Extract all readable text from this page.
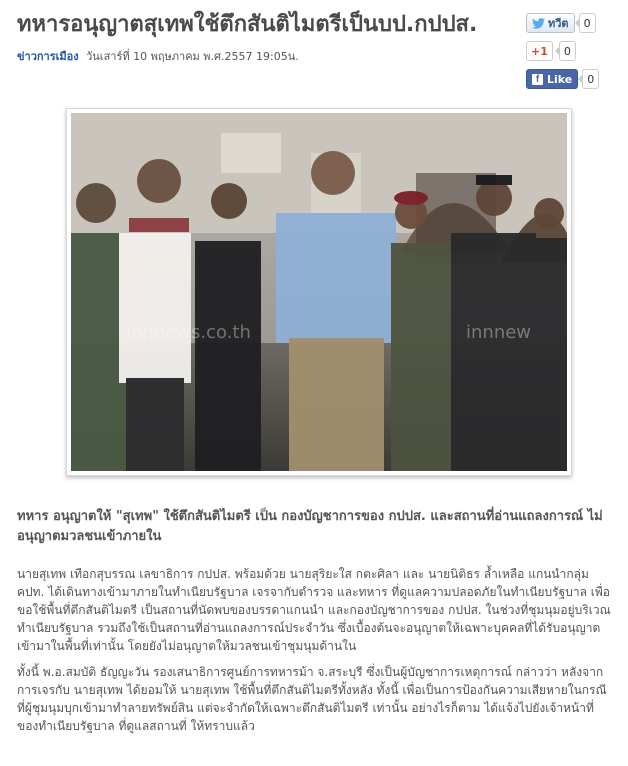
ทหารอนุญาตสุเทพใช้ตึกสันติไมตรีเป็นบป.กปปส.
ข่าวการเมือง วันเสาร์ที่ 10 พฤษภาคม พ.ศ.2557 19:05น.
ทวีต	0
+1	0
f Like	0
innnews.co.th	innnew
ทหาร อนุญาตให้ "สุเทพ" ใช้ตึกสันติไมตรี เป็น กองบัญชาการของ กปปส. และสถานที่อ่านแถลงการณ์ ไม่อนุญาตมวลชนเข้าภายใน
นายสุเทพ เทือกสุบรรณ เลขาธิการ กปปส. พร้อมด้วย นายสุริยะใส กตะศิลา และ นายนิติธร ล้ำเหลือ แกนนำกลุ่ม คปท. ได้เดินทางเข้ามาภายในทำเนียบรัฐบาล เจรจากับตำรวจ และทหาร ที่ดูแลความปลอดภัยในทำเนียบรัฐบาล เพื่อขอใช้พื้นที่ตึกสันติไมตรี เป็นสถานที่นัดพบของบรรดาแกนนำ และกองบัญชาการของ กปปส. ในช่วงที่ชุมนุมอยู่บริเวณ ทำเนียบรัฐบาล รวมถึงใช้เป็นสถานที่อ่านแถลงการณ์ประจำวัน ซึ่งเบื้องต้นจะอนุญาตให้เฉพาะบุคคลที่ได้รับอนุญาตเข้ามาในพื้นที่เท่านั้น โดยยังไม่อนุญาตให้มวลชนเข้าชุมนุมด้านใน
ทั้งนี้ พ.อ.สมบัติ ธัญญะวัน รองเสนาธิการศูนย์การทหารม้า จ.สระบุรี ซึ่งเป็นผู้บัญชาการเหตุการณ์ กล่าวว่า หลังจากการเจรกับ นายสุเทพ ได้ยอมให้ นายสุเทพ ใช้พื้นที่ตึกสันติไมตรีทั้งหลัง ทั้งนี้ เพื่อเป็นการป้องกันความเสียหายในกรณีที่ผู้ชุมนุมบุกเข้ามาทำลายทรัพย์สิน แต่จะจำกัดให้เฉพาะตึกสันติไมตรี เท่านั้น อย่างไรก็ตาม ได้แจ้งไปยังเจ้าหน้าที่ของทำเนียบรัฐบาล ที่ดูแลสถานที่ ให้ทราบแล้ว
